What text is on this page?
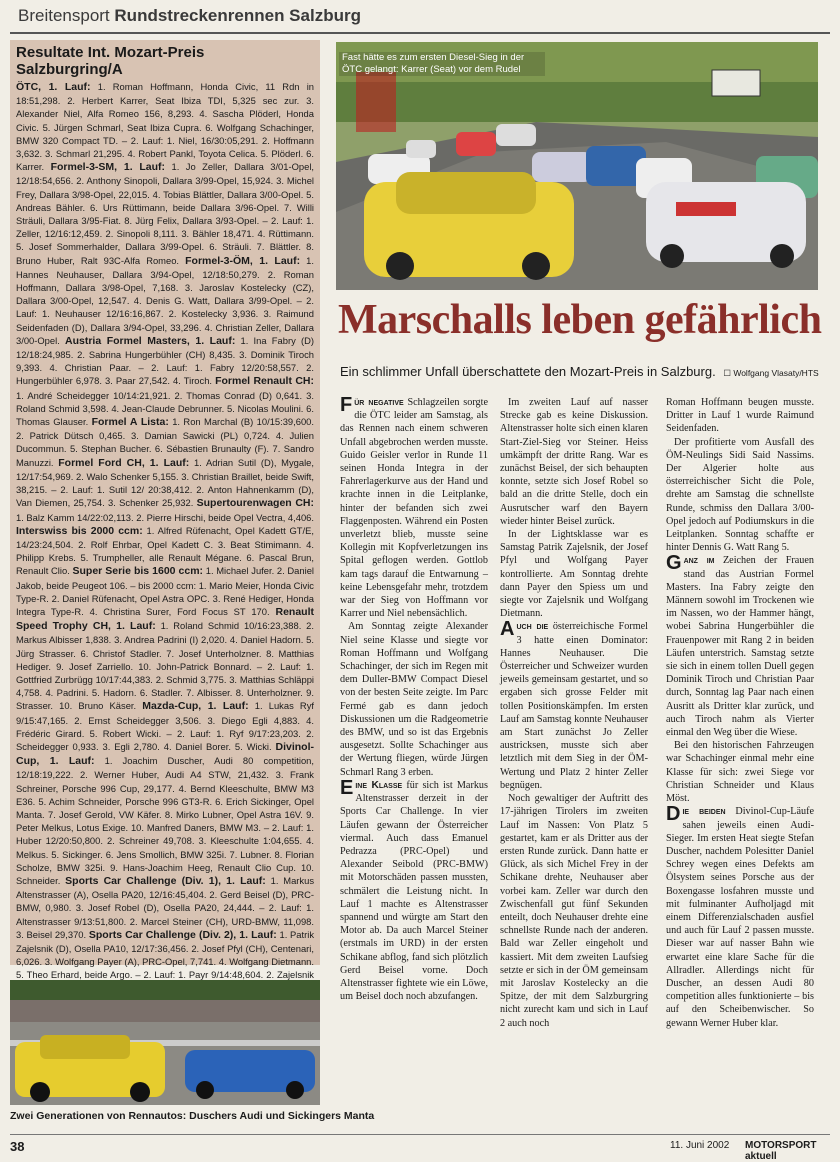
Breitensport Rundstreckenrennen Salzburg
Resultate Int. Mozart-Preis Salzburgring/A
ÖTC, 1. Lauf: 1. Roman Hoffmann, Honda Civic, 11 Rdn in 18:51,298. 2. Herbert Karrer, Seat Ibiza TDI, 5,325 sec zur. 3. Alexander Niel, Alfa Romeo 156, 8,293. 4. Sascha Plöderl, Honda Civic. 5. Jürgen Schmarl, Seat Ibiza Cupra. 6. Wolfgang Schachinger, BMW 320 Compact TD. – 2. Lauf: 1. Niel, 16/30:05,291. 2. Hoffmann 3,632. 3. Schmarl 21,295. 4. Robert Pankl, Toyota Celica. 5. Plöderl. 6. Karrer. Formel-3-SM, 1. Lauf: 1. Jo Zeller, Dallara 3/01-Opel, 12/18:54,656. 2. Anthony Sinopoli, Dallara 3/99-Opel, 15,924. 3. Michel Frey, Dallara 3/98-Opel, 22,015. 4. Tobias Blättler, Dallara 3/00-Opel. 5. Andreas Bähler. 6. Urs Rüttimann, beide Dallara 3/96-Opel. 7. Willi Sträuli, Dallara 3/95-Fiat. 8. Jürg Felix, Dallara 3/93-Opel. – 2. Lauf: 1. Zeller, 12/16:12,459. 2. Sinopoli 8,111. 3. Bähler 18,471. 4. Rüttimann. 5. Josef Sommerhalder, Dallara 3/99-Opel. 6. Sträuli. 7. Blättler. 8. Bruno Huber, Ralt 93C-Alfa Romeo. Formel-3-ÖM, 1. Lauf: 1. Hannes Neuhauser, Dallara 3/94-Opel, 12/18:50,279. 2. Roman Hoffmann, Dallara 3/98-Opel, 7,168. 3. Jaroslav Kostelecky (CZ), Dallara 3/00-Opel, 12,547. 4. Denis G. Watt, Dallara 3/99-Opel. – 2. Lauf: 1. Neuhauser 12/16:16,867. 2. Kostelecky 3,936. 3. Raimund Seidenfaden (D), Dallara 3/94-Opel, 33,296. 4. Christian Zeller, Dallara 3/00-Opel. Austria Formel Masters, 1. Lauf: 1. Ina Fabry (D) 12/18:24,985. 2. Sabrina Hungerbühler (CH) 8,435. 3. Dominik Tiroch 9,393. 4. Christian Paar. – 2. Lauf: 1. Fabry 12/20:58,557. 2. Hungerbühler 6,978. 3. Paar 27,542. 4. Tiroch. Formel Renault CH: 1. André Scheidegger 10/14:21,921. 2. Thomas Conrad (D) 0,641. 3. Roland Schmid 3,598. 4. Jean-Claude Debrunner. 5. Nicolas Moulini. 6. Thomas Glauser. Formel A Lista: 1. Ron Marchal (B) 10/15:39,600. 2. Patrick Dütsch 0,465. 3. Damian Sawicki (PL) 0,724. 4. Julien Ducommun. 5. Stephan Bucher. 6. Sébastien Brunaulty (F). 7. Sandro Manuzzi. Formel Ford CH, 1. Lauf: 1. Adrian Sutil (D), Mygale, 12/17:54,969. 2. Walo Schenker 5,155. 3. Christian Braillet, beide Swift, 38,215. – 2. Lauf: 1. Sutil 12/ 20:38,412. 2. Anton Hahnenkamm (D), Van Diemen, 25,754. 3. Schenker 25,932. Supertourenwagen CH: 1. Balz Kamm 14/22:02,113. 2. Pierre Hirschi, beide Opel Vectra, 4,406. Interswiss bis 2000 ccm: 1. Alfred Rüfenacht, Opel Kadett GT/E, 14/23:24,504. 2. Rolf Ehrbar, Opel Kadett C. 3. Beat Stimimann. 4. Philipp Krebs. 5. Trumpheller, alle Renault Mégane. 6. Pascal Brun, Renault Clio. Super Serie bis 1600 ccm: 1. Michael Jufer. 2. Daniel Jakob, beide Peugeot 106. – bis 2000 ccm: 1. Mario Meier, Honda Civic Type-R. 2. Daniel Rüfenacht, Opel Astra OPC. 3. René Hediger, Honda Integra Type-R. 4. Christina Surer, Ford Focus ST 170. Renault Speed Trophy CH, 1. Lauf: 1. Roland Schmid 10/16:23,388. 2. Markus Albisser 1,838. 3. Andrea Padrini (I) 2,020. 4. Daniel Hadorn. 5. Jürg Strasser. 6. Christof Stadler. 7. Josef Unterholzner. 8. Matthias Hediger. 9. Josef Zarriello. 10. John-Patrick Bonnard. – 2. Lauf: 1. Gottfried Zurbrügg 10/17:44,383. 2. Schmid 3,775. 3. Matthias Schläppi 4,758. 4. Padrini. 5. Hadorn. 6. Stadler. 7. Albisser. 8. Unterholzner. 9. Strasser. 10. Bruno Käser. Mazda-Cup, 1. Lauf: 1. Lukas Ryf 9/15:47,165. 2. Ernst Scheidegger 3,506. 3. Diego Egli 4,883. 4. Frédéric Girard. 5. Robert Wicki. – 2. Lauf: 1. Ryf 9/17:23,203. 2. Scheidegger 0,933. 3. Egli 2,780. 4. Daniel Borer. 5. Wicki. Divinol-Cup, 1. Lauf: 1. Joachim Duscher, Audi 80 competition, 12/18:19,222. 2. Werner Huber, Audi A4 STW, 21,432. 3. Frank Schreiner, Porsche 996 Cup, 29,177. 4. Bernd Kleeschulte, BMW M3 E36. 5. Achim Schneider, Porsche 996 GT3-R. 6. Erich Sickinger, Opel Manta. 7. Josef Gerold, VW Käfer. 8. Mirko Lubner, Opel Astra 16V. 9. Peter Melkus, Lotus Exige. 10. Manfred Daners, BMW M3. – 2. Lauf: 1. Huber 12/20:50,800. 2. Schreiner 49,708. 3. Kleeschulte 1:04,655. 4. Melkus. 5. Sickinger. 6. Jens Smollich, BMW 325i. 7. Lubner. 8. Florian Scholze, BMW 325i. 9. Hans-Joachim Heeg, Renault Clio Cup. 10. Schneider. Sports Car Challenge (Div. 1), 1. Lauf: 1. Markus Altenstrasser (A), Osella PA20, 12/16:45,404. 2. Gerd Beisel (D), PRC-BMW, 0,980. 3. Josef Robel (D), Osella PA20, 24,444. – 2. Lauf: 1. Altenstrasser 9/13:51,800. 2. Marcel Steiner (CH), URD-BMW, 11,098. 3. Beisel 29,370. Sports Car Challenge (Div. 2), 1. Lauf: 1. Patrik Zajelsnik (D), Osella PA10, 12/17:36,456. 2. Josef Pfyl (CH), Centenari, 6,026. 3. Wolfgang Payer (A), PRC-Opel, 7,741. 4. Wolfgang Dietmann. 5. Theo Erhard, beide Argo. – 2. Lauf: 1. Payr 9/14:48,604. 2. Zajelsnik
Fast hätte es zum ersten Diesel-Sieg in der ÖTC gelangt: Karrer (Seat) vor dem Rudel
Marschalls leben gefährlich
Ein schlimmer Unfall überschattete den Mozart-Preis in Salzburg. ☐ Wolfgang Vlasaty/HTS

Für negative Schlagzeilen sorgte die ÖTC leider am Samstag, als das Rennen nach einem schweren Unfall abgebrochen werden musste. Guido Geisler verlor in Runde 11 seinen Honda Integra in der Fahrerlagerkurve aus der Hand und krachte innen in die Leitplanke, hinter der befanden sich zwei Flaggenposten. Während ein Posten unverletzt blieb, musste seine Kollegin mit Kopfverletzungen ins Spital geflogen werden. Gottlob kam tags darauf die Entwarnung – keine Lebensgefahr mehr, trotzdem war der Sieg von Hoffmann vor Karrer und Niel nebensächlich.

Am Sonntag zeigte Alexander Niel seine Klasse und siegte vor Roman Hoffmann und Wolfgang Schachinger, der sich im Regen mit dem Duller-BMW Compact Diesel von der besten Seite zeigte. Im Parc Fermé gab es dann jedoch Diskussionen um die Radgeometrie des BMW, und so ist das Ergebnis ausgesetzt. Sollte Schachinger aus der Wertung fliegen, würde Jürgen Schmarl Rang 3 erben.

Eine Klasse für sich ist Markus Altenstrasser derzeit in der Sports Car Challenge. In vier Läufen gewann der Österreicher viermal. Auch dass Emanuel Pedrazza (PRC-Opel) und Alexander Seibold (PRC-BMW) mit Motorschäden passen mussten, schmälert die Leistung nicht. In Lauf 1 machte es Altenstrasser spannend und würgte am Start den Motor ab. Da auch Marcel Steiner (erstmals im URD) in der ersten Schikane abflog, fand sich plötzlich Gerd Beisel vorne. Doch Altenstrasser fightete wie ein Löwe, um Beisel doch noch abzufangen.

Im zweiten Lauf auf nasser Strecke gab es keine Diskussion. Altenstrasser holte sich einen klaren Start-Ziel-Sieg vor Steiner. Heiss umkämpft der dritte Rang. War es zunächst Beisel, der sich behaupten konnte, setzte sich Josef Robel so bald an die dritte Stelle, doch ein Ausrutscher warf den Bayern wieder hinter Beisel zurück.

In der Lightsklasse war es Samstag Patrik Zajelsnik, der Josef Pfyl und Wolfgang Payer kontrollierte. Am Sonntag drehte dann Payer den Spiess um und siegte vor Zajelsnik und Wolfgang Dietmann.

Auch die österreichische Formel 3 hatte einen Dominator: Hannes Neuhauser. Die Österreicher und Schweizer wurden jeweils gemeinsam gestartet, und so ergaben sich grosse Felder mit tollen Positionskämpfen. Im ersten Lauf am Samstag konnte Neuhauser am Start zunächst Jo Zeller austricksen, musste sich aber letztlich mit dem Sieg in der ÖM-Wertung und Platz 2 hinter Zeller begnügen.

Noch gewaltiger der Auftritt des 17-jährigen Tirolers im zweiten Lauf im Nassen: Von Platz 5 gestartet, kam er als Dritter aus der ersten Runde zurück. Dann hatte er Glück, als sich Michel Frey in der Schikane drehte, Neuhauser aber vorbei kam. Zeller war durch den Zwischenfall gut fünf Sekunden enteilt, doch Neuhauser drehte eine schnellste Runde nach der anderen. Bald war Zeller eingeholt und kassiert. Mit dem zweiten Laufsieg setzte er sich in der ÖM gemeinsam mit Jaroslav Kostelecky an die Spitze, der mit dem Salzburgring nicht zurecht kam und sich in Lauf 2 auch noch

Roman Hoffmann beugen musste. Dritter in Lauf 1 wurde Raimund Seidenfaden.

Der profitierte vom Ausfall des ÖM-Neulings Sidi Said Nassims. Der Algerier holte aus österreichischer Sicht die Pole, drehte am Samstag die schnellste Runde, schmiss den Dallara 3/00-Opel jedoch auf Podiumskurs in die Leitplanken. Sonntag schaffte er hinter Dennis G. Watt Rang 5.

Ganz im Zeichen der Frauen stand das Austrian Formel Masters. Ina Fabry zeigte den Männern sowohl im Trockenen wie im Nassen, wo der Hammer hängt, wobei Sabrina Hungerbühler die Frauenpower mit Rang 2 in beiden Läufen unterstrich. Samstag setzte sie sich in einem tollen Duell gegen Dominik Tiroch und Christian Paar durch, Sonntag lag Paar nach einen Ausritt als Dritter klar zurück, und auch Tiroch nahm als Vierter einmal den Weg über die Wiese.

Bei den historischen Fahrzeugen war Schachinger einmal mehr eine Klasse für sich: zwei Siege vor Christian Schneider und Klaus Möst.

Die beiden Divinol-Cup-Läufe sahen jeweils einen Audi-Sieger. Im ersten Heat siegte Stefan Duscher, nachdem Polesitter Daniel Schrey wegen eines Defekts am Ölsystem seines Porsche aus der Boxengasse losfahren musste und mit fulminanter Aufholjagd mit einem Differenzialschaden ausfiel und auch für Lauf 2 passen musste. Dieser war auf nasser Bahn wie erwartet eine klare Sache für die Allradler. Allerdings nicht für Duscher, an dessen Audi 80 competition alles funktionierte – bis auf den Scheibenwischer. So gewann Werner Huber klar.

Zwei Generationen von Rennautos: Duschers Audi und Sickingers Manta
38	11. Juni 2002 MOTORSPORT aktuell
